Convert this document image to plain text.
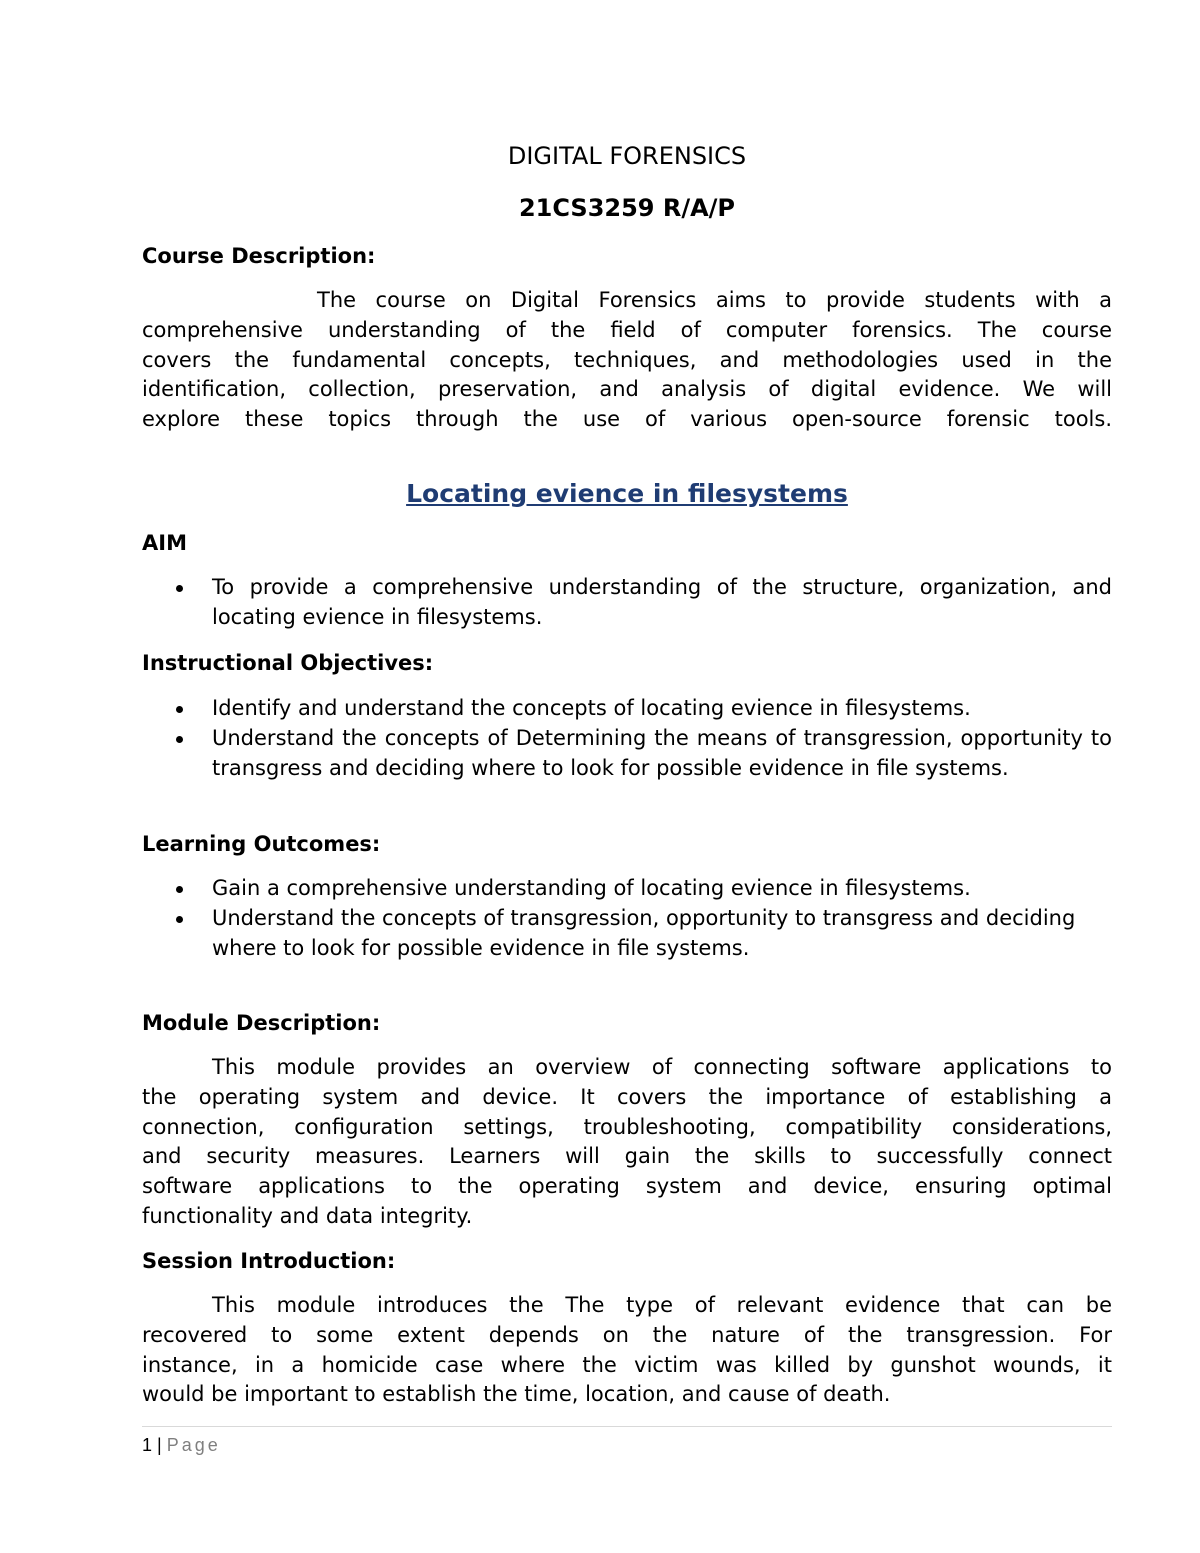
DIGITAL FORENSICS
21CS3259 R/A/P
Course Description:
The course on Digital Forensics aims to provide students with a
comprehensive understanding of the field of computer forensics. The course
covers the fundamental concepts, techniques, and methodologies used in the
identification, collection, preservation, and analysis of digital evidence. We will
explore these topics through the use of various open-source forensic tools.
Locating evience in filesystems
AIM
To provide a comprehensive understanding of the structure, organization, and locating evience in filesystems.
Instructional Objectives:
Identify and understand the concepts of locating evience in filesystems.
Understand the concepts of Determining the means of transgression, opportunity to transgress and deciding where to look for possible evidence in file systems.
Learning Outcomes:
Gain a comprehensive understanding of locating evience in filesystems.
Understand the concepts of transgression, opportunity to transgress and deciding where to look for possible evidence in file systems.
Module Description:
This module provides an overview of connecting software applications to
the operating system and device. It covers the importance of establishing a
connection, configuration settings, troubleshooting, compatibility considerations,
and security measures. Learners will gain the skills to successfully connect
software applications to the operating system and device, ensuring optimal
functionality and data integrity.
Session Introduction:
This module introduces the The type of relevant evidence that can be
recovered to some extent depends on the nature of the transgression. For
instance, in a homicide case where the victim was killed by gunshot wounds, it
would be important to establish the time, location, and cause of death.
1 | Page
